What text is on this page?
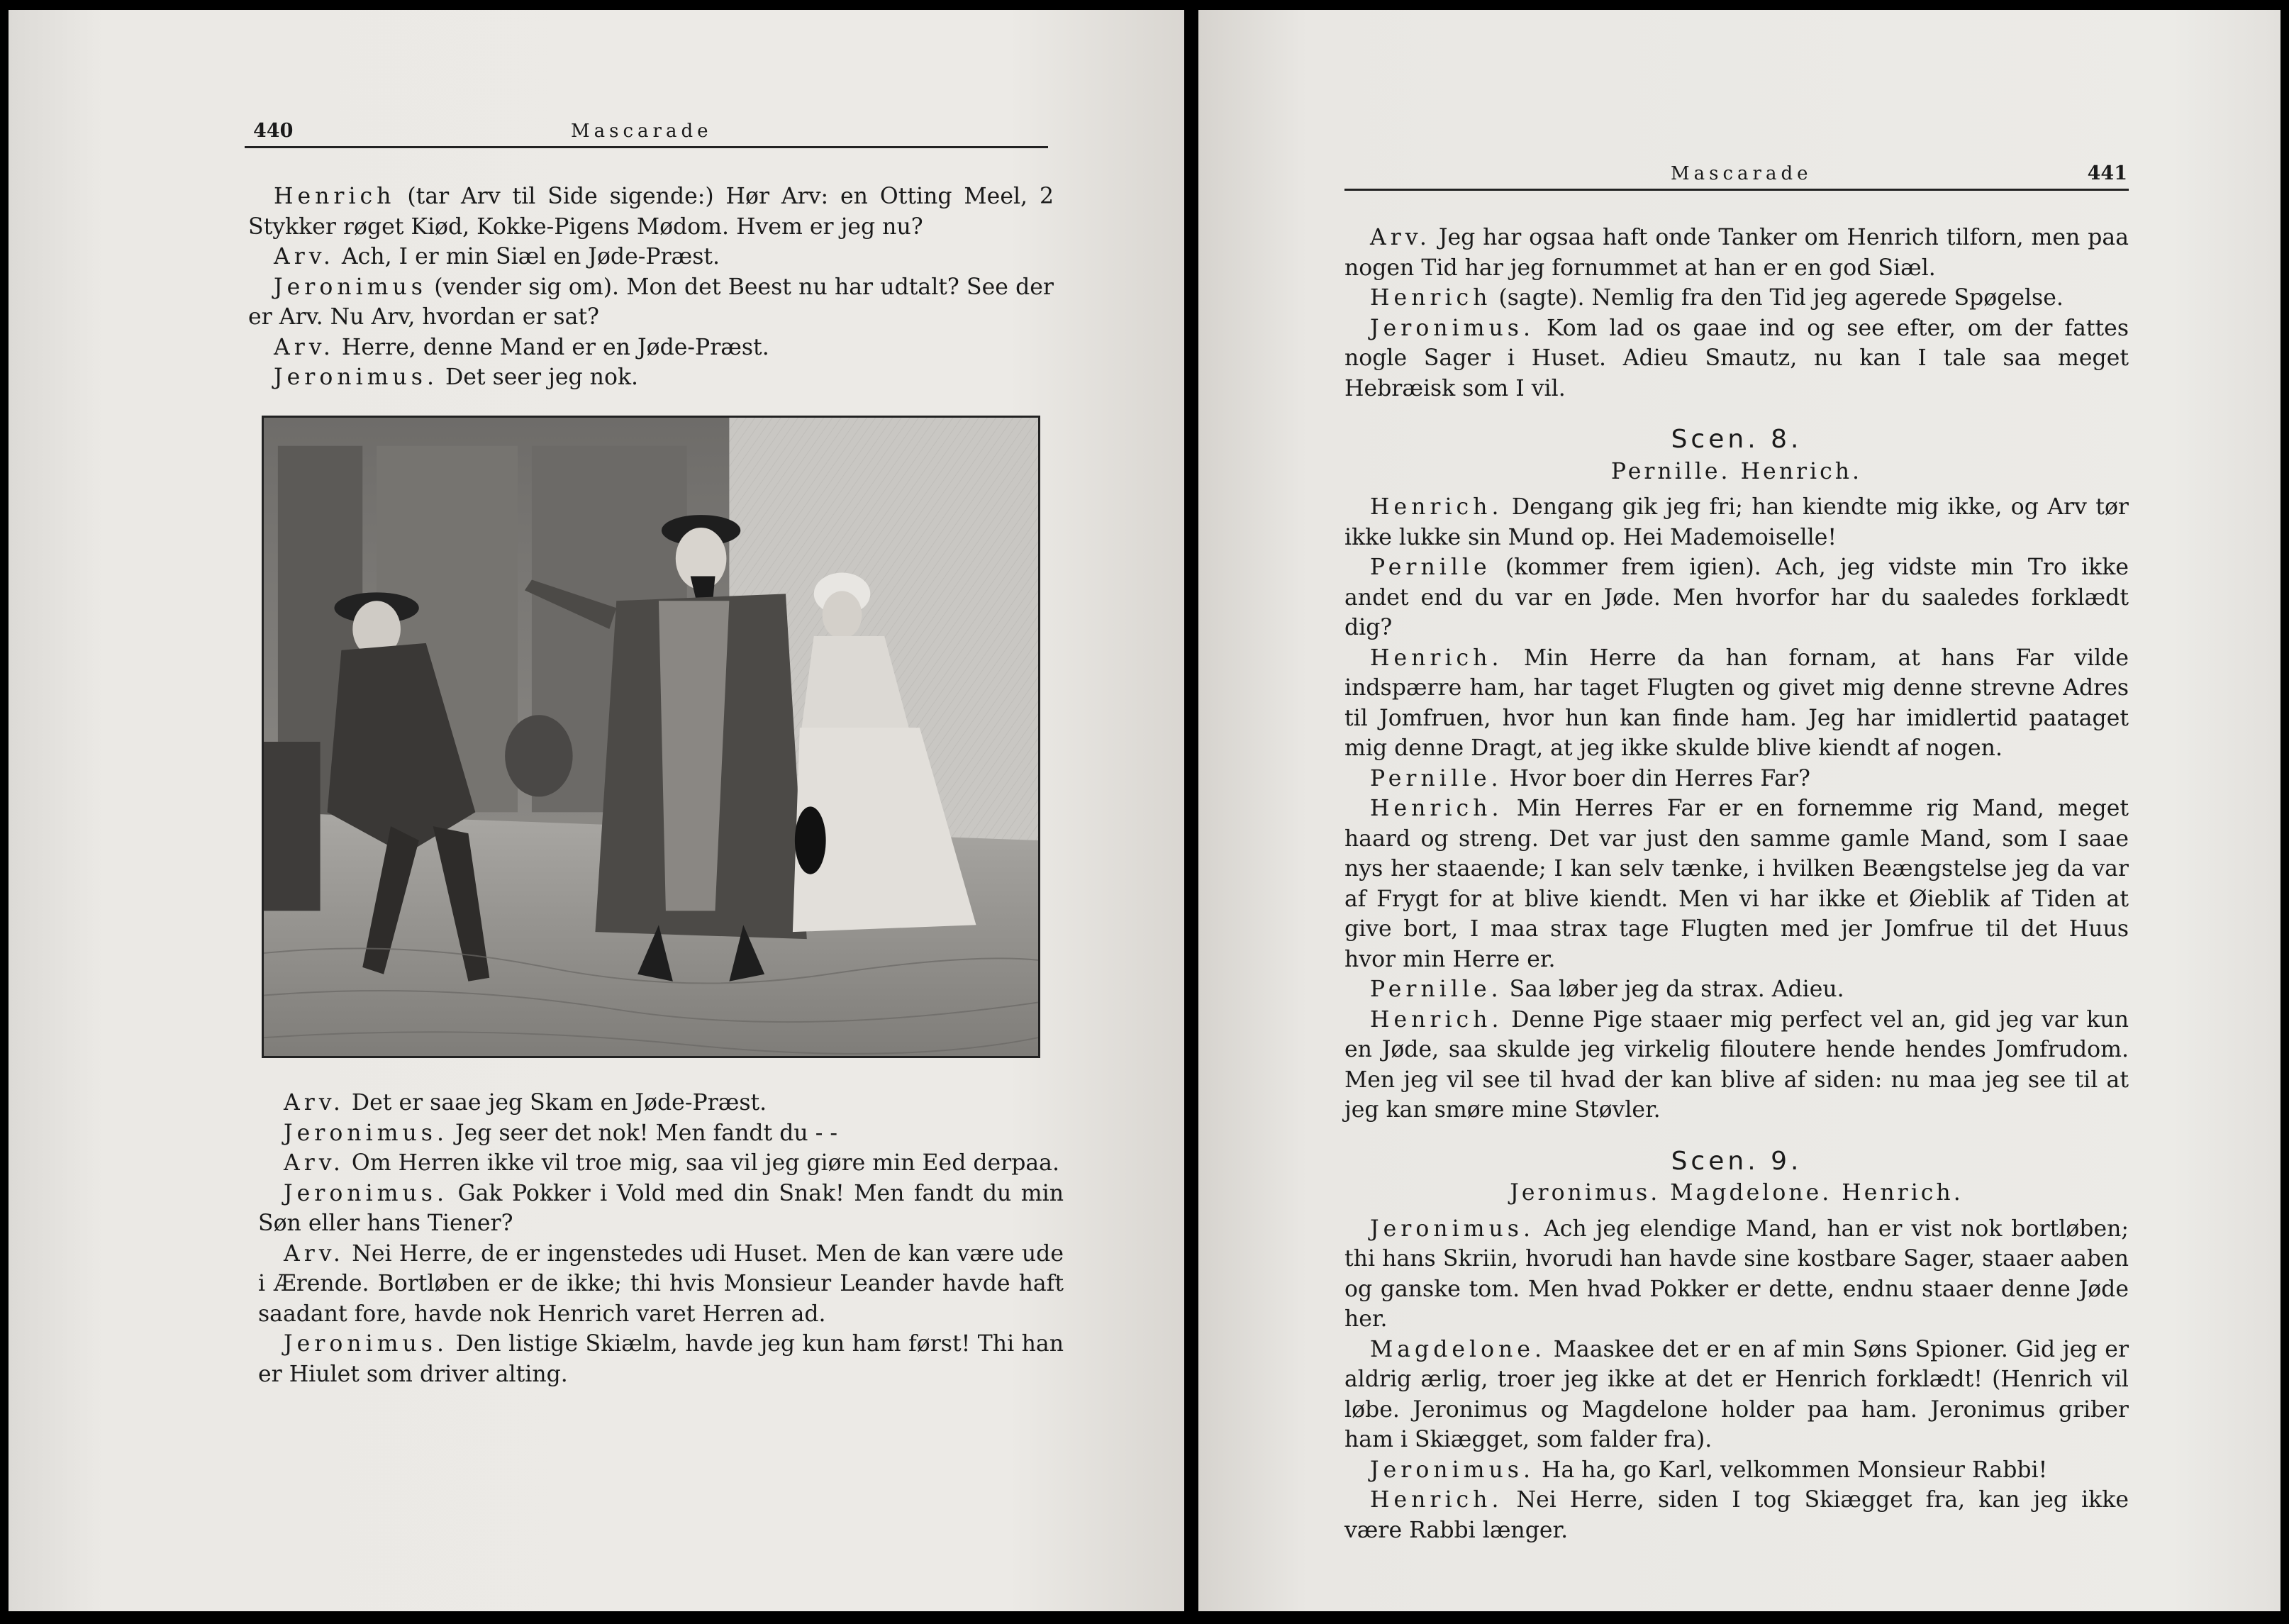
440	Mascarade

Henrich (tar Arv til Side sigende:) Hør Arv: en Otting Meel, 2 Stykker røget Kiød, Kokke-Pigens Mødom. Hvem er jeg nu?

Arv. Ach, I er min Siæl en Jøde-Præst.

Jeronimus (vender sig om). Mon det Beest nu har udtalt? See der er Arv. Nu Arv, hvordan er sat?

Arv. Herre, denne Mand er en Jøde-Præst.

Jeronimus. Det seer jeg nok.

Arv. Det er saae jeg Skam en Jøde-Præst.

Jeronimus. Jeg seer det nok! Men fandt du - -

Arv. Om Herren ikke vil troe mig, saa vil jeg giøre min Eed derpaa.

Jeronimus. Gak Pokker i Vold med din Snak! Men fandt du min Søn eller hans Tiener?

Arv. Nei Herre, de er ingenstedes udi Huset. Men de kan være ude i Ærende. Bortløben er de ikke; thi hvis Monsieur Leander havde haft saadant fore, havde nok Henrich varet Herren ad.

Jeronimus. Den listige Skiælm, havde jeg kun ham først! Thi han er Hiulet som driver alting.

Mascarade	441

Arv. Jeg har ogsaa haft onde Tanker om Henrich tilforn, men paa nogen Tid har jeg fornummet at han er en god Siæl.

Henrich (sagte). Nemlig fra den Tid jeg agerede Spøgelse.

Jeronimus. Kom lad os gaae ind og see efter, om der fattes nogle Sager i Huset. Adieu Smautz, nu kan I tale saa meget Hebræisk som I vil.

Scen. 8.
Pernille. Henrich.

Henrich. Dengang gik jeg fri; han kiendte mig ikke, og Arv tør ikke lukke sin Mund op. Hei Mademoiselle!

Pernille (kommer frem igien). Ach, jeg vidste min Tro ikke andet end du var en Jøde. Men hvorfor har du saaledes forklædt dig?

Henrich. Min Herre da han fornam, at hans Far vilde indspærre ham, har taget Flugten og givet mig denne strevne Adres til Jomfruen, hvor hun kan finde ham. Jeg har imidlertid paataget mig denne Dragt, at jeg ikke skulde blive kiendt af nogen.

Pernille. Hvor boer din Herres Far?

Henrich. Min Herres Far er en fornemme rig Mand, meget haard og streng. Det var just den samme gamle Mand, som I saae nys her staaende; I kan selv tænke, i hvilken Beængstelse jeg da var af Frygt for at blive kiendt. Men vi har ikke et Øieblik af Tiden at give bort, I maa strax tage Flugten med jer Jomfrue til det Huus hvor min Herre er.

Pernille. Saa løber jeg da strax. Adieu.

Henrich. Denne Pige staaer mig perfect vel an, gid jeg var kun en Jøde, saa skulde jeg virkelig filoutere hende hendes Jomfrudom. Men jeg vil see til hvad der kan blive af siden: nu maa jeg see til at jeg kan smøre mine Støvler.

Scen. 9.
Jeronimus. Magdelone. Henrich.

Jeronimus. Ach jeg elendige Mand, han er vist nok bortløben; thi hans Skriin, hvorudi han havde sine kostbare Sager, staaer aaben og ganske tom. Men hvad Pokker er dette, endnu staaer denne Jøde her.

Magdelone. Maaskee det er en af min Søns Spioner. Gid jeg er aldrig ærlig, troer jeg ikke at det er Henrich forklædt! (Henrich vil løbe. Jeronimus og Magdelone holder paa ham. Jeronimus griber ham i Skiægget, som falder fra).

Jeronimus. Ha ha, go Karl, velkommen Monsieur Rabbi!

Henrich. Nei Herre, siden I tog Skiægget fra, kan jeg ikke være Rabbi længer.
